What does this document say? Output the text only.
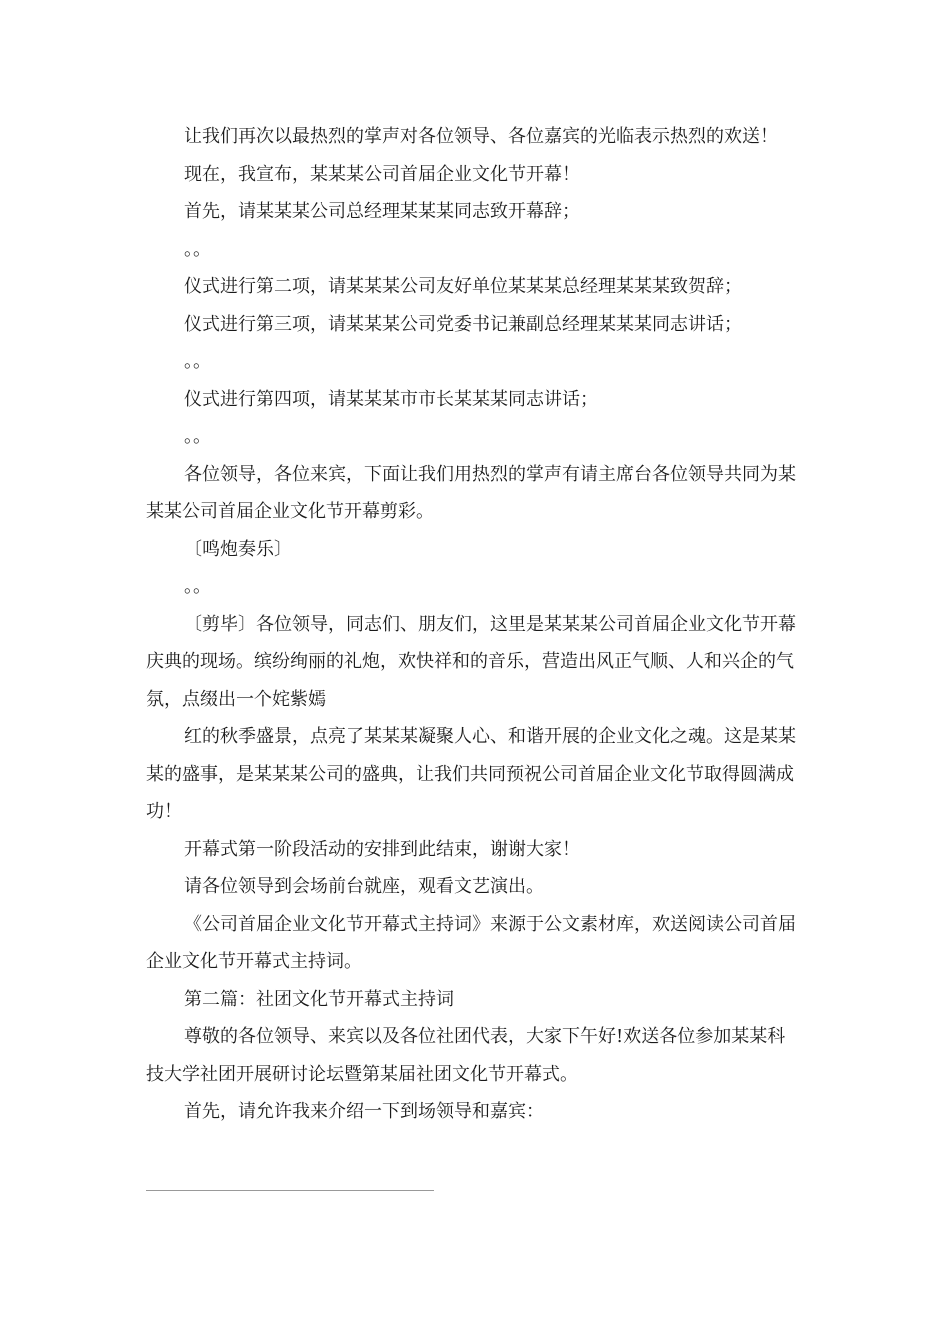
让我们再次以最热烈的掌声对各位领导、各位嘉宾的光临表示热烈的欢送！

现在，我宣布，某某某公司首届企业文化节开幕！

首先，请某某某公司总经理某某某同志致开幕辞；

。。

仪式进行第二项，请某某某公司友好单位某某某总经理某某某致贺辞；

仪式进行第三项，请某某某公司党委书记兼副总经理某某某同志讲话；

。。

仪式进行第四项，请某某某市市长某某某同志讲话；

。。

各位领导，各位来宾，下面让我们用热烈的掌声有请主席台各位领导共同为某某某公司首届企业文化节开幕剪彩。

〔鸣炮奏乐〕

。。

〔剪毕〕各位领导，同志们、朋友们，这里是某某某公司首届企业文化节开幕庆典的现场。缤纷绚丽的礼炮，欢快祥和的音乐，营造出风正气顺、人和兴企的气氛，点缀出一个姹紫嫣

红的秋季盛景，点亮了某某某凝聚人心、和谐开展的企业文化之魂。这是某某某的盛事，是某某某公司的盛典，让我们共同预祝公司首届企业文化节取得圆满成功！

开幕式第一阶段活动的安排到此结束，谢谢大家！

请各位领导到会场前台就座，观看文艺演出。

《公司首届企业文化节开幕式主持词》来源于公文素材库，欢送阅读公司首届企业文化节开幕式主持词。

第二篇：社团文化节开幕式主持词

尊敬的各位领导、来宾以及各位社团代表，大家下午好!欢送各位参加某某科技大学社团开展研讨论坛暨第某届社团文化节开幕式。

首先，请允许我来介绍一下到场领导和嘉宾：
